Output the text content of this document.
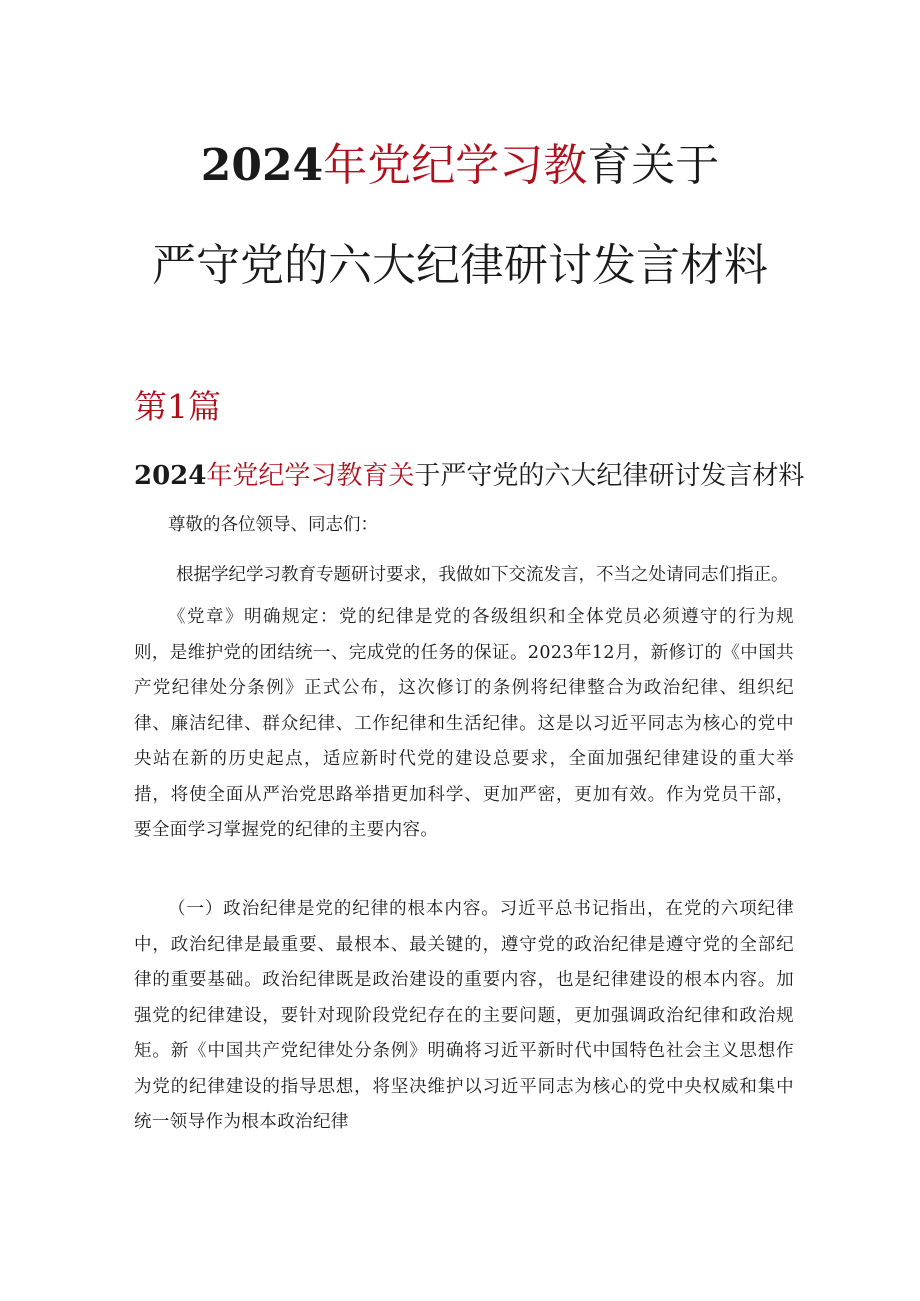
2024年党纪学习教育关于
严守党的六大纪律研讨发言材料
第1篇
2024年党纪学习教育关于严守党的六大纪律研讨发言材料
尊敬的各位领导、同志们：
根据学纪学习教育专题研讨要求，我做如下交流发言，不当之处请同志们指正。
《党章》明确规定：党的纪律是党的各级组织和全体党员必须遵守的行为规则，是维护党的团结统一、完成党的任务的保证。2023年12月，新修订的《中国共产党纪律处分条例》正式公布，这次修订的条例将纪律整合为政治纪律、组织纪律、廉洁纪律、群众纪律、工作纪律和生活纪律。这是以习近平同志为核心的党中央站在新的历史起点，适应新时代党的建设总要求，全面加强纪律建设的重大举措，将使全面从严治党思路举措更加科学、更加严密，更加有效。作为党员干部，要全面学习掌握党的纪律的主要内容。
（一）政治纪律是党的纪律的根本内容。习近平总书记指出，在党的六项纪律中，政治纪律是最重要、最根本、最关键的，遵守党的政治纪律是遵守党的全部纪律的重要基础。政治纪律既是政治建设的重要内容，也是纪律建设的根本内容。加强党的纪律建设，要针对现阶段党纪存在的主要问题，更加强调政治纪律和政治规矩。新《中国共产党纪律处分条例》明确将习近平新时代中国特色社会主义思想作为党的纪律建设的指导思想，将坚决维护以习近平同志为核心的党中央权威和集中统一领导作为根本政治纪律
